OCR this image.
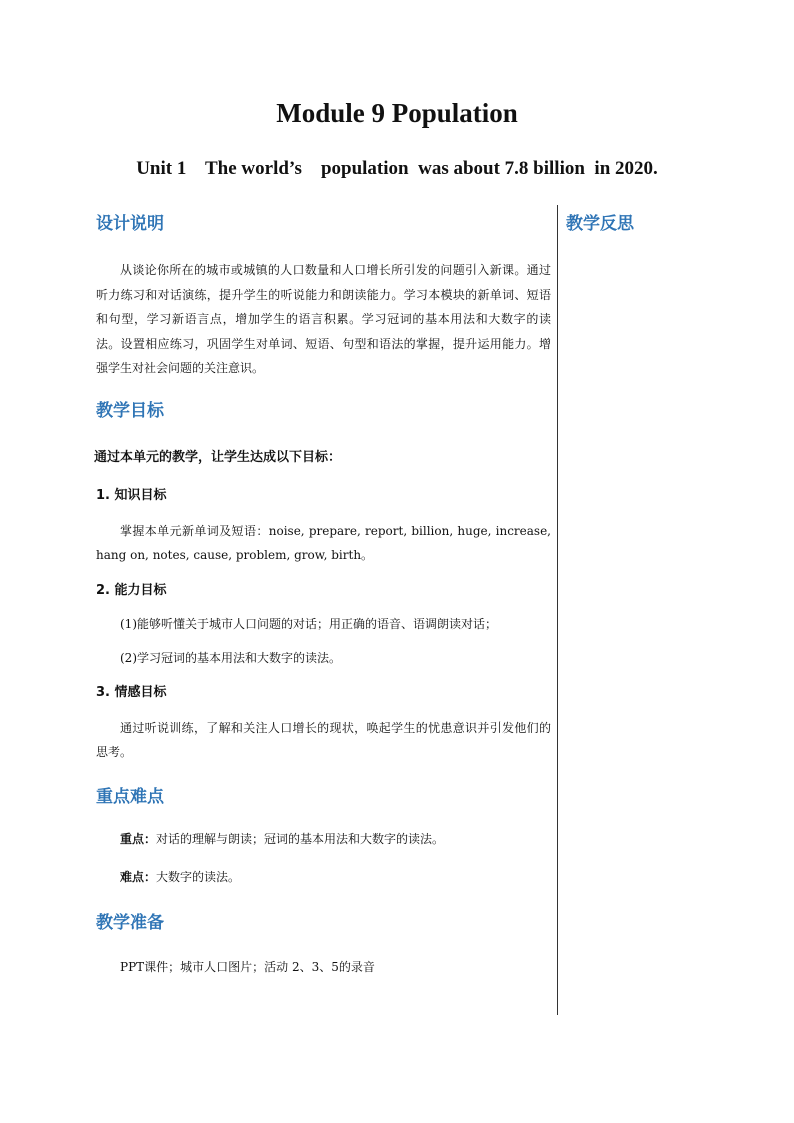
Module 9 Population
Unit 1    The world’s    population  was about 7.8 billion  in 2020.
教学反思
设计说明

从谈论你所在的城市或城镇的人口数量和人口增长所引发的问题引入新课。通过听力练习和对话演练，提升学生的听说能力和朗读能力。学习本模块的新单词、短语和句型，学习新语言点，增加学生的语言积累。学习冠词的基本用法和大数字的读法。设置相应练习，巩固学生对单词、短语、句型和语法的掌握，提升运用能力。增强学生对社会问题的关注意识。

教学目标

通过本单元的教学，让学生达成以下目标：

1. 知识目标

掌握本单元新单词及短语：noise, prepare, report, billion, huge, increase, hang on, notes, cause, problem, grow, birth。

2. 能力目标

(1)能够听懂关于城市人口问题的对话；用正确的语音、语调朗读对话；

(2)学习冠词的基本用法和大数字的读法。

3. 情感目标

通过听说训练，了解和关注人口增长的现状，唤起学生的忧患意识并引发他们的思考。

重点难点

重点：对话的理解与朗读；冠词的基本用法和大数字的读法。

难点：大数字的读法。

教学准备

PPT课件；城市人口图片；活动 2、3、5的录音
